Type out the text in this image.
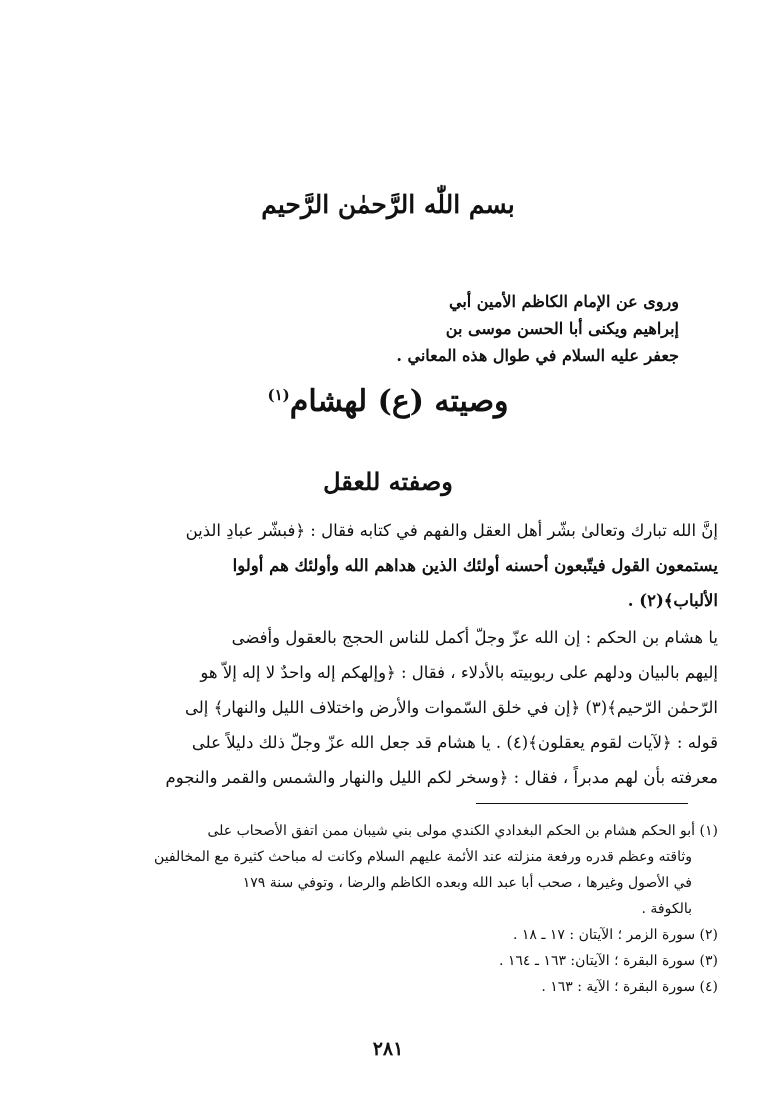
بسم اللّٰه الرَّحمٰن الرَّحيم
وروى عن الإمام الكاظم الأمين أبي
إبراهيم ويكنى أبا الحسن موسى بن
جعفر عليه السلام في طوال هذه المعاني .
وصيته (ع) لهشام$^{(١)}$
وصفته للعقل
إنَّ الله تبارك وتعالىٰ بشّر أهل العقل والفهم في كتابه فقال : ﴿فبشّر عبادِ الذين
يستمعون القول فيتّبعون أحسنه أولئك الذين هداهم الله وأولئك هم أولوا
الألباب﴾(٢) .
يا هشام بن الحكم : إن الله عزّ وجلّ أكمل للناس الحجج بالعقول وأفضى
إليهم بالبيان ودلهم على ربوبيته بالأدلاء ، فقال : ﴿وإلهكم إله واحدٌ لا إله إلاّ هو
الرّحمٰن الرّحيم﴾(٣) ﴿إن في خلق السّموات والأرض واختلاف الليل والنهار﴾ إلى
قوله : ﴿لآيات لقوم يعقلون﴾(٤) . يا هشام قد جعل الله عزّ وجلّ ذلك دليلاً على
معرفته بأن لهم مدبراً ، فقال : ﴿وسخر لكم الليل والنهار والشمس والقمر والنجوم
(١) أبو الحكم هشام بن الحكم البغدادي الكندي مولى بني شيبان ممن اتفق الأصحاب على
وثاقته وعظم قدره ورفعة منزلته عند الأئمة عليهم السلام وكانت له مباحث كثيرة مع المخالفين
في الأصول وغيرها ، صحب أبا عبد الله وبعده الكاظم والرضا ، وتوفي سنة ١٧٩
بالكوفة .
(٢) سورة الزمر ؛ الآيتان : ١٧ ـ ١٨ .
(٣) سورة البقرة ؛ الآيتان: ١٦٣ ـ ١٦٤ .
(٤) سورة البقرة ؛ الآية : ١٦٣ .
٢٨١
